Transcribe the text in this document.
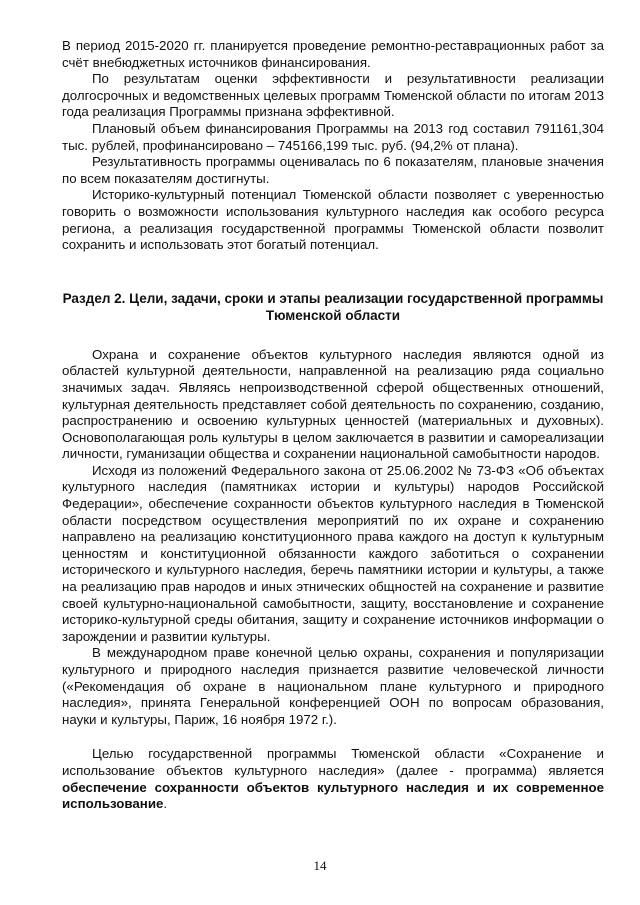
В период 2015-2020 гг. планируется проведение ремонтно-реставрационных работ за счёт внебюджетных источников финансирования.

По результатам оценки эффективности и результативности реализации долгосрочных и ведомственных целевых программ Тюменской области по итогам 2013 года реализация Программы признана эффективной.

Плановый объем финансирования Программы на 2013 год составил 791161,304 тыс. рублей, профинансировано – 745166,199 тыс. руб. (94,2% от плана).

Результативность программы оценивалась по 6 показателям, плановые значения по всем показателям достигнуты.

Историко-культурный потенциал Тюменской области позволяет с уверенностью говорить о возможности использования культурного наследия как особого ресурса региона, а реализация государственной программы Тюменской области позволит сохранить и использовать этот богатый потенциал.

Раздел 2. Цели, задачи, сроки и этапы реализации государственной программы Тюменской области

Охрана и сохранение объектов культурного наследия являются одной из областей культурной деятельности, направленной на реализацию ряда социально значимых задач. Являясь непроизводственной сферой общественных отношений, культурная деятельность представляет собой деятельность по сохранению, созданию, распространению и освоению культурных ценностей (материальных и духовных). Основополагающая роль культуры в целом заключается в развитии и самореализации личности, гуманизации общества и сохранении национальной самобытности народов.

Исходя из положений Федерального закона от 25.06.2002 № 73-ФЗ «Об объектах культурного наследия (памятниках истории и культуры) народов Российской Федерации», обеспечение сохранности объектов культурного наследия в Тюменской области посредством осуществления мероприятий по их охране и сохранению направлено на реализацию конституционного права каждого на доступ к культурным ценностям и конституционной обязанности каждого заботиться о сохранении исторического и культурного наследия, беречь памятники истории и культуры, а также на реализацию прав народов и иных этнических общностей на сохранение и развитие своей культурно-национальной самобытности, защиту, восстановление и сохранение историко-культурной среды обитания, защиту и сохранение источников информации о зарождении и развитии культуры.

В международном праве конечной целью охраны, сохранения и популяризации культурного и природного наследия признается развитие человеческой личности («Рекомендация об охране в национальном плане культурного и природного наследия», принята Генеральной конференцией ООН по вопросам образования, науки и культуры, Париж, 16 ноября 1972 г.).

Целью государственной программы Тюменской области «Сохранение и использование объектов культурного наследия» (далее - программа) является обеспечение сохранности объектов культурного наследия и их современное использование.

14
